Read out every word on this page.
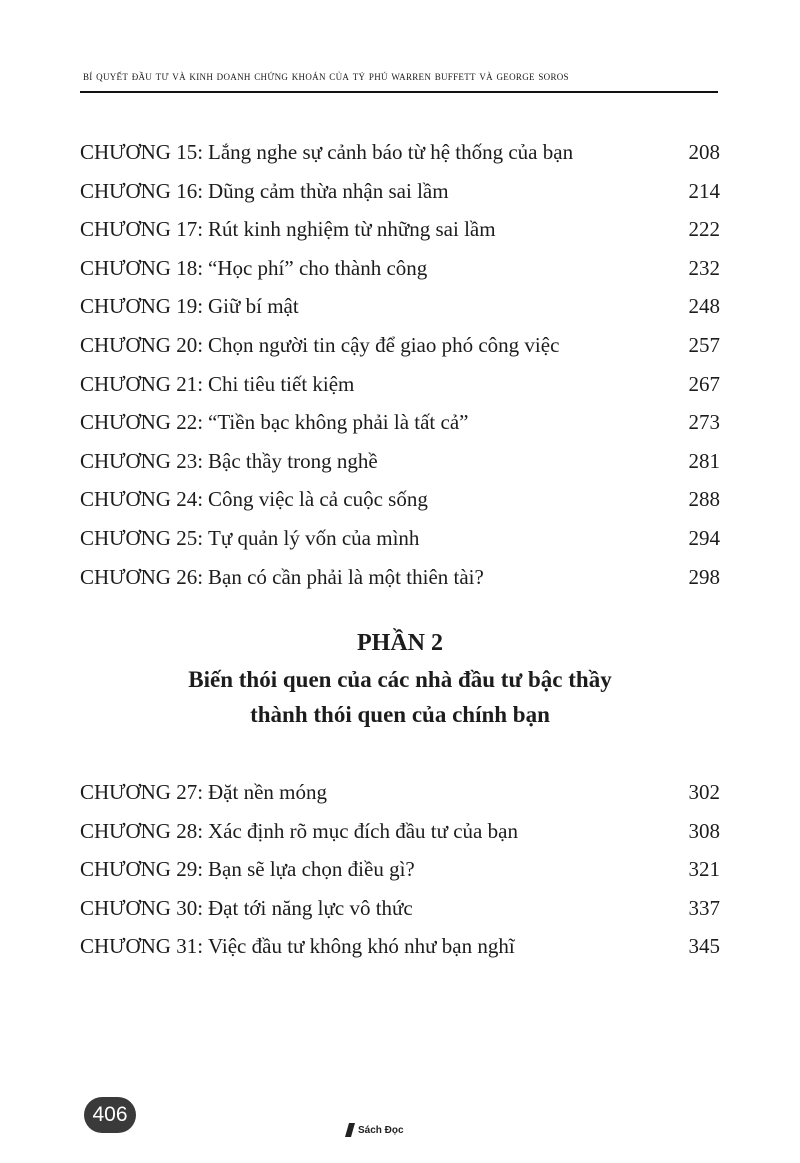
bí quyết đầu tư và kinh doanh chứng khoán của tỷ phú warren buffett và george soros
CHƯƠNG 15: Lắng nghe sự cảnh báo từ hệ thống của bạn	208
CHƯƠNG 16: Dũng cảm thừa nhận sai lầm	214
CHƯƠNG 17: Rút kinh nghiệm từ những sai lầm	222
CHƯƠNG 18: “Học phí” cho thành công	232
CHƯƠNG 19: Giữ bí mật	248
CHƯƠNG 20: Chọn người tin cậy để giao phó công việc	257
CHƯƠNG 21: Chi tiêu tiết kiệm	267
CHƯƠNG 22: “Tiền bạc không phải là tất cả”	273
CHƯƠNG 23: Bậc thầy trong nghề	281
CHƯƠNG 24: Công việc là cả cuộc sống	288
CHƯƠNG 25: Tự quản lý vốn của mình	294
CHƯƠNG 26: Bạn có cần phải là một thiên tài?	298
PHẦN 2
Biến thói quen của các nhà đầu tư bậc thầy
thành thói quen của chính bạn
CHƯƠNG 27: Đặt nền móng	302
CHƯƠNG 28: Xác định rõ mục đích đầu tư của bạn	308
CHƯƠNG 29: Bạn sẽ lựa chọn điều gì?	321
CHƯƠNG 30: Đạt tới năng lực vô thức	337
CHƯƠNG 31: Việc đầu tư không khó như bạn nghĩ	345
406
Sách Đọc
